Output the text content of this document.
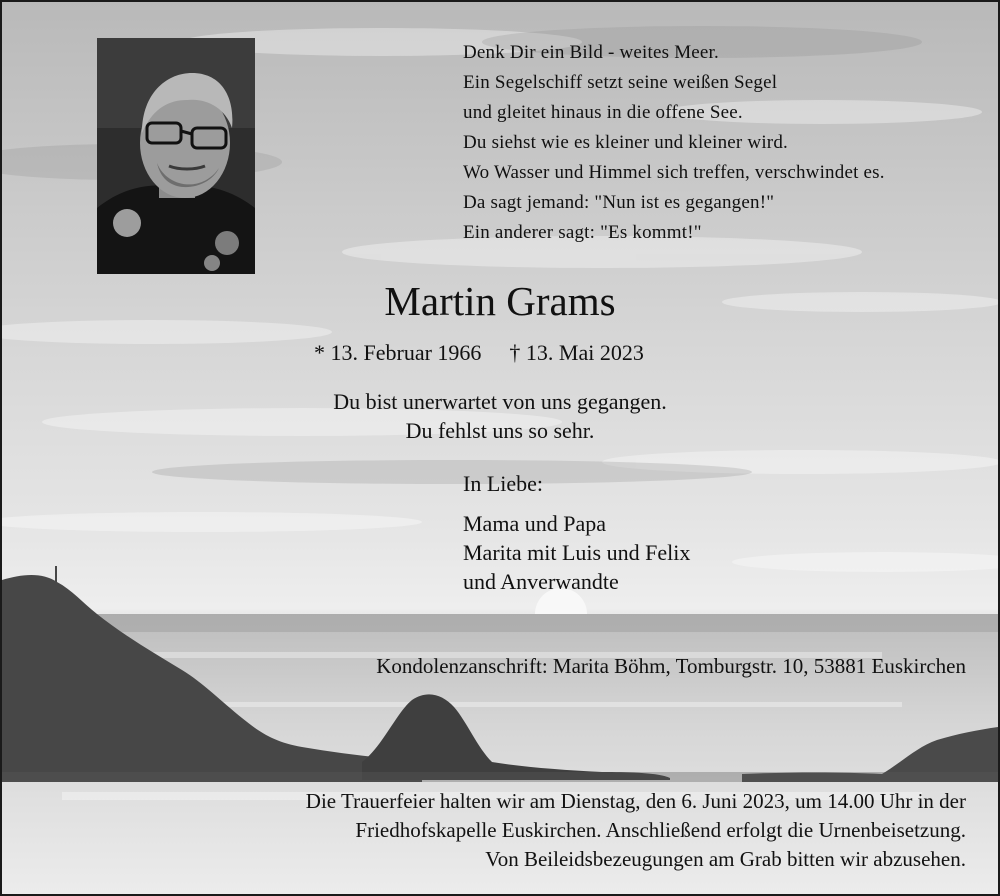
Denk Dir ein Bild - weites Meer.
Ein Segelschiff setzt seine weißen Segel
und gleitet hinaus in die offene See.
Du siehst wie es kleiner und kleiner wird.
Wo Wasser und Himmel sich treffen, verschwindet es.
Da sagt jemand: "Nun ist es gegangen!"
Ein anderer sagt: "Es kommt!"
Martin Grams
* 13. Februar 1966 † 13. Mai 2023
Du bist unerwartet von uns gegangen.
Du fehlst uns so sehr.
In Liebe:
Mama und Papa
Marita mit Luis und Felix
und Anverwandte
Kondolenzanschrift: Marita Böhm, Tomburgstr. 10, 53881 Euskirchen
Die Trauerfeier halten wir am Dienstag, den 6. Juni 2023, um 14.00 Uhr in der
Friedhofskapelle Euskirchen. Anschließend erfolgt die Urnenbeisetzung.
Von Beileidsbezeugungen am Grab bitten wir abzusehen.
